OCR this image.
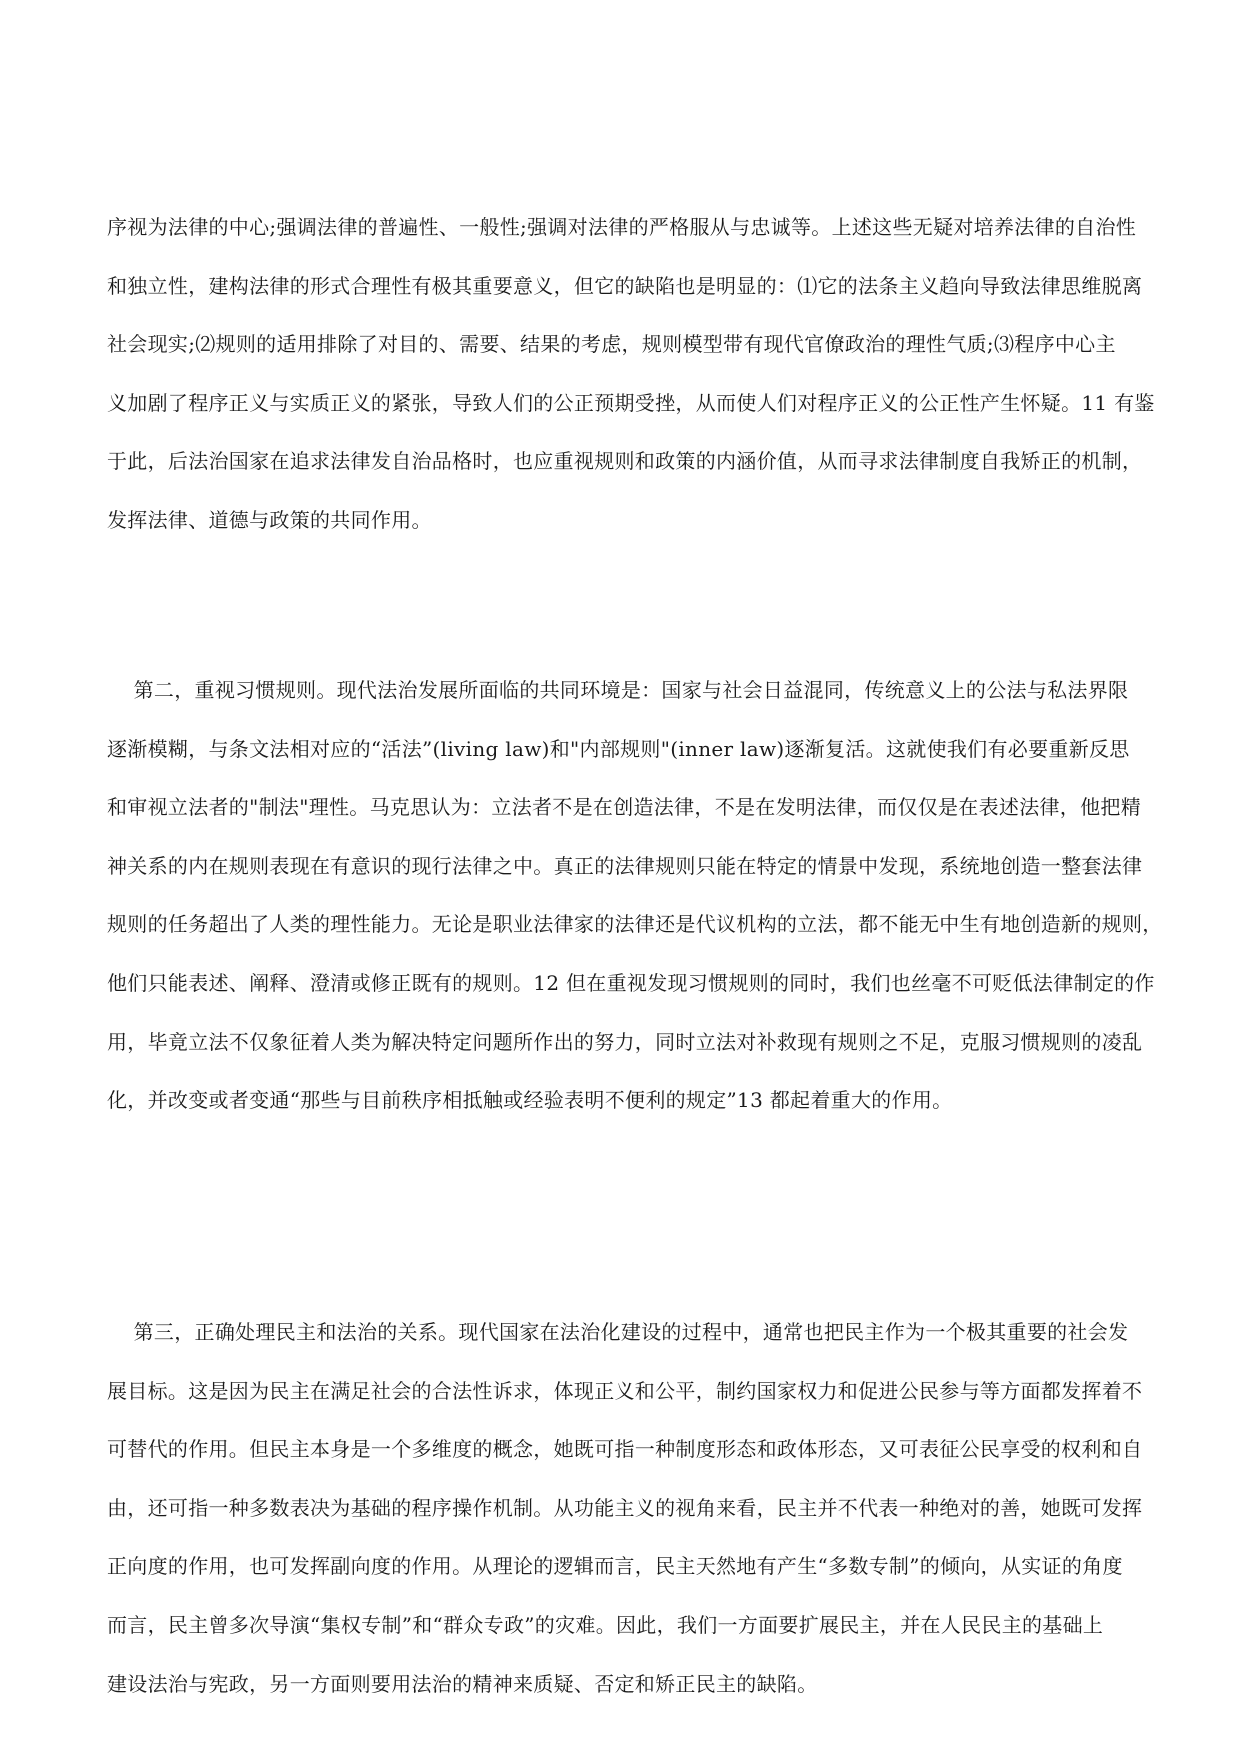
序视为法律的中心;强调法律的普遍性、一般性;强调对法律的严格服从与忠诚等。上述这些无疑对培养法律的自治性
和独立性，建构法律的形式合理性有极其重要意义，但它的缺陷也是明显的：⑴它的法条主义趋向导致法律思维脱离
社会现实;⑵规则的适用排除了对目的、需要、结果的考虑，规则模型带有现代官僚政治的理性气质;⑶程序中心主
义加剧了程序正义与实质正义的紧张，导致人们的公正预期受挫，从而使人们对程序正义的公正性产生怀疑。11 有鉴
于此，后法治国家在追求法律发自治品格时，也应重视规则和政策的内涵价值，从而寻求法律制度自我矫正的机制，
发挥法律、道德与政策的共同作用。
第二，重视习惯规则。现代法治发展所面临的共同环境是：国家与社会日益混同，传统意义上的公法与私法界限
逐渐模糊，与条文法相对应的“活法”(living law)和"内部规则"(inner law)逐渐复活。这就使我们有必要重新反思
和审视立法者的"制法"理性。马克思认为：立法者不是在创造法律，不是在发明法律，而仅仅是在表述法律，他把精
神关系的内在规则表现在有意识的现行法律之中。真正的法律规则只能在特定的情景中发现，系统地创造一整套法律
规则的任务超出了人类的理性能力。无论是职业法律家的法律还是代议机构的立法，都不能无中生有地创造新的规则，
他们只能表述、阐释、澄清或修正既有的规则。12 但在重视发现习惯规则的同时，我们也丝毫不可贬低法律制定的作
用，毕竟立法不仅象征着人类为解决特定问题所作出的努力，同时立法对补救现有规则之不足，克服习惯规则的凌乱
化，并改变或者变通“那些与目前秩序相抵触或经验表明不便利的规定”13 都起着重大的作用。
第三，正确处理民主和法治的关系。现代国家在法治化建设的过程中，通常也把民主作为一个极其重要的社会发
展目标。这是因为民主在满足社会的合法性诉求，体现正义和公平，制约国家权力和促进公民参与等方面都发挥着不
可替代的作用。但民主本身是一个多维度的概念，她既可指一种制度形态和政体形态，又可表征公民享受的权利和自
由，还可指一种多数表决为基础的程序操作机制。从功能主义的视角来看，民主并不代表一种绝对的善，她既可发挥
正向度的作用，也可发挥副向度的作用。从理论的逻辑而言，民主天然地有产生“多数专制”的倾向，从实证的角度
而言，民主曾多次导演“集权专制”和“群众专政”的灾难。因此，我们一方面要扩展民主，并在人民民主的基础上
建设法治与宪政，另一方面则要用法治的精神来质疑、否定和矫正民主的缺陷。
